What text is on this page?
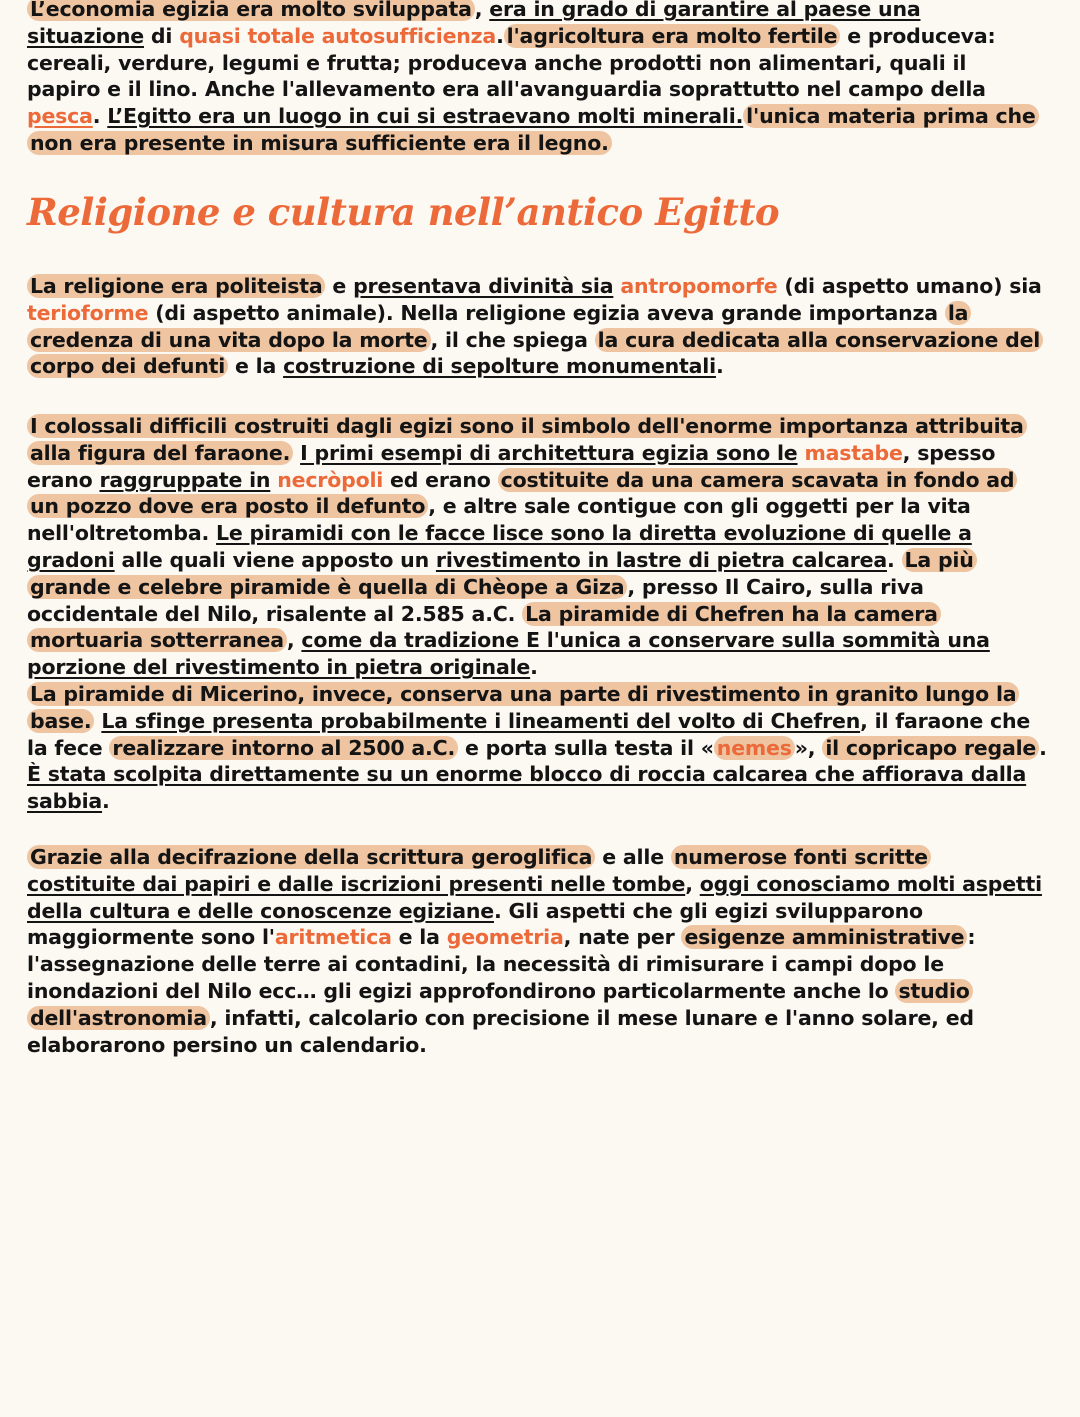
L’economia egizia era molto sviluppata , era in grado di garantire al paese una situazione di quasi totale autosufficienza. l'agricoltura era molto fertile e produceva: cereali, verdure, legumi e frutta; produceva anche prodotti non alimentari, quali il papiro e il lino. Anche l'allevamento era all'avanguardia soprattutto nel campo della pesca. L’Egitto era un luogo in cui si estraevano molti minerali. l'unica materia prima che non era presente in misura sufficiente era il legno.

Religione e cultura nell’antico Egitto

La religione era politeista e presentava divinità sia antropomorfe (di aspetto umano) sia terioforme (di aspetto animale). Nella religione egizia aveva grande importanza la credenza di una vita dopo la morte , il che spiega la cura dedicata alla conservazione del corpo dei defunti e la costruzione di sepolture monumentali.

I colossali difficili costruiti dagli egizi sono il simbolo dell'enorme importanza attribuita alla figura del faraone. I primi esempi di architettura egizia sono le mastabe, spesso erano raggruppate in necròpoli ed erano costituite da una camera scavata in fondo ad un pozzo dove era posto il defunto , e altre sale contigue con gli oggetti per la vita nell'oltretomba. Le piramidi con le facce lisce sono la diretta evoluzione di quelle a gradoni alle quali viene apposto un rivestimento in lastre di pietra calcarea. La più grande e celebre piramide è quella di Chèope a Giza , presso Il Cairo, sulla riva occidentale del Nilo, risalente al 2.585 a.C. La piramide di Chefren ha la camera mortuaria sotterranea , come da tradizione E l'unica a conservare sulla sommità una porzione del rivestimento in pietra originale.
La piramide di Micerino, invece, conserva una parte di rivestimento in granito lungo la base. La sfinge presenta probabilmente i lineamenti del volto di Chefren, il faraone che la fece realizzare intorno al 2500 a.C. e porta sulla testa il « nemes », il copricapo regale .
È stata scolpita direttamente su un enorme blocco di roccia calcarea che affiorava dalla sabbia.

Grazie alla decifrazione della scrittura geroglifica e alle numerose fonti scritte costituite dai papiri e dalle iscrizioni presenti nelle tombe, oggi conosciamo molti aspetti della cultura e delle conoscenze egiziane. Gli aspetti che gli egizi svilupparono maggiormente sono l'aritmetica e la geometria, nate per esigenze amministrative : l'assegnazione delle terre ai contadini, la necessità di rimisurare i campi dopo le inondazioni del Nilo ecc… gli egizi approfondirono particolarmente anche lo studio dell'astronomia , infatti, calcolario con precisione il mese lunare e l'anno solare, ed elaborarono persino un calendario.
